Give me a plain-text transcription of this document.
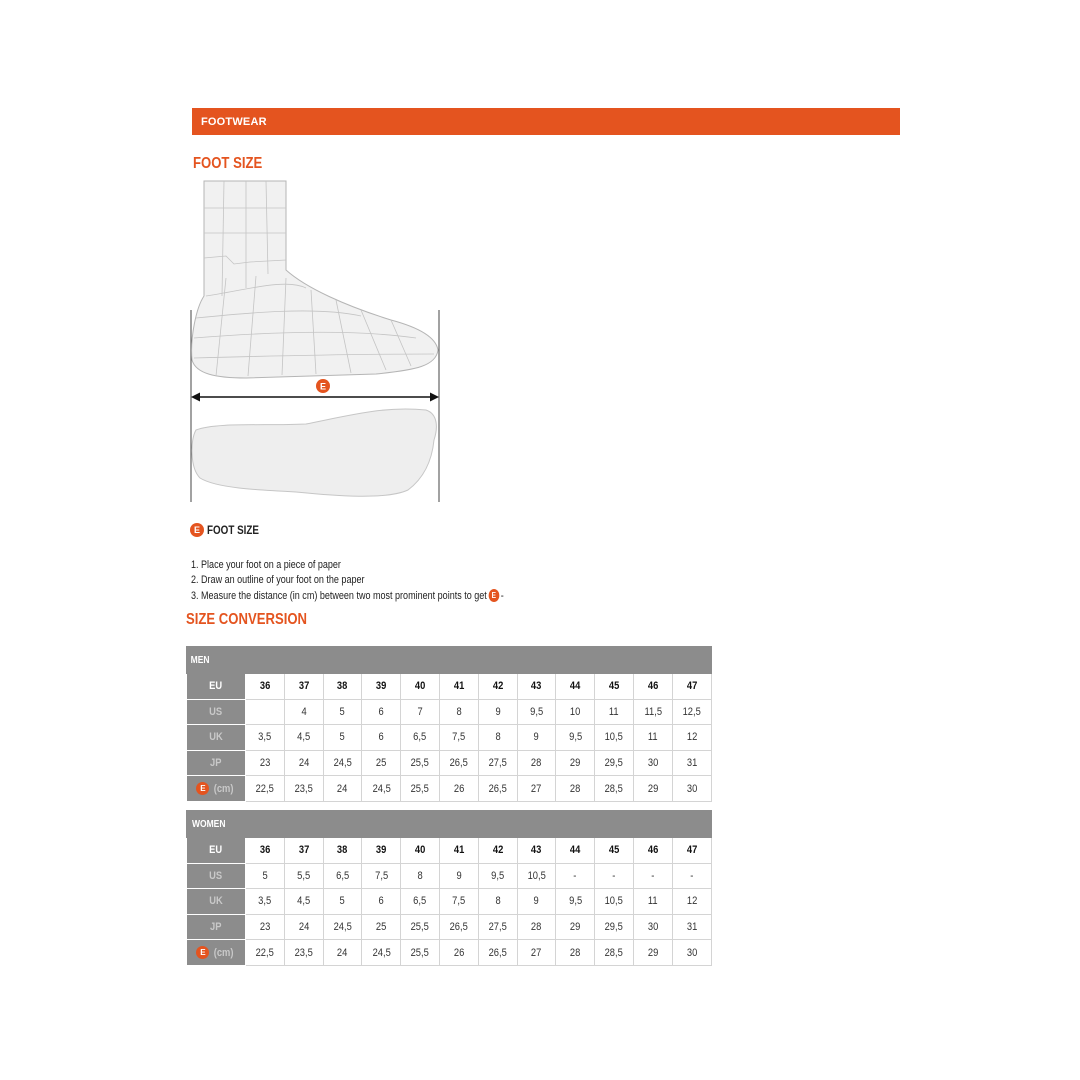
FOOTWEAR
FOOT SIZE
E
E FOOT SIZE
1. Place your foot on a piece of paper
2. Draw an outline of your foot on the paper
3. Measure the distance (in cm) between two most prominent points to get E -
SIZE CONVERSION
MEN												
EU	36	37	38	39	40	41	42	43	44	45	46	47
US		4	5	6	7	8	9	9,5	10	11	11,5	12,5
UK	3,5	4,5	5	6	6,5	7,5	8	9	9,5	10,5	11	12
JP	23	24	24,5	25	25,5	26,5	27,5	28	29	29,5	30	31
E (cm)	22,5	23,5	24	24,5	25,5	26	26,5	27	28	28,5	29	30
WOMEN												
EU	36	37	38	39	40	41	42	43	44	45	46	47
US	5	5,5	6,5	7,5	8	9	9,5	10,5	-	-	-	-
UK	3,5	4,5	5	6	6,5	7,5	8	9	9,5	10,5	11	12
JP	23	24	24,5	25	25,5	26,5	27,5	28	29	29,5	30	31
E (cm)	22,5	23,5	24	24,5	25,5	26	26,5	27	28	28,5	29	30
